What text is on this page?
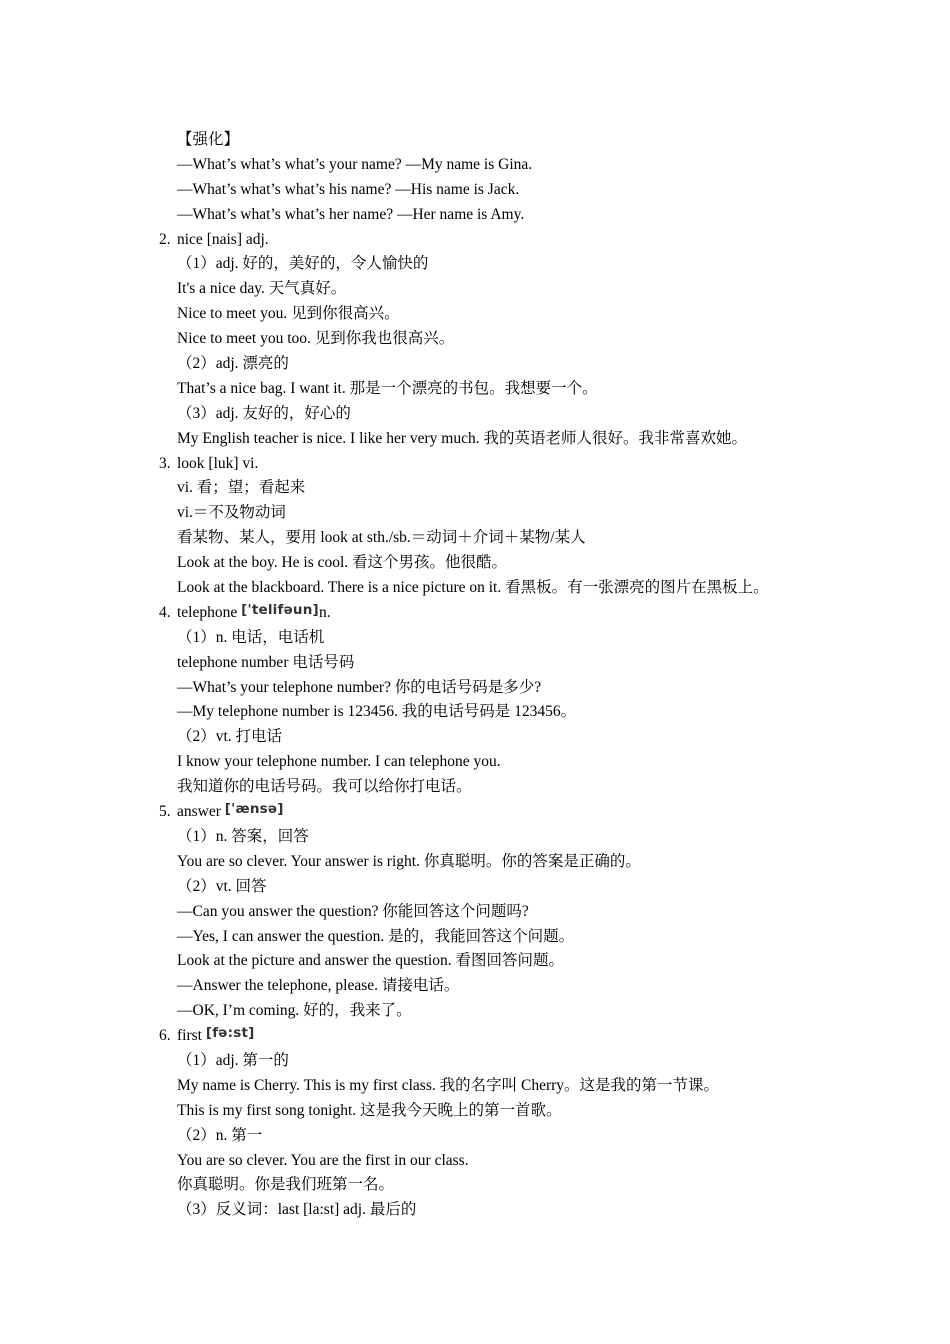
【强化】
—What’s what’s what’s your name? —My name is Gina.
—What’s what’s what’s his name? —His name is Jack.
—What’s what’s what’s her name? —Her name is Amy.
2. nice [nais] adj.
（1）adj. 好的，美好的，令人愉快的
It's a nice day. 天气真好。
Nice to meet you. 见到你很高兴。
Nice to meet you too. 见到你我也很高兴。
（2）adj. 漂亮的
That’s a nice bag. I want it. 那是一个漂亮的书包。我想要一个。
（3）adj. 友好的，好心的
My English teacher is nice. I like her very much. 我的英语老师人很好。我非常喜欢她。
3. look [luk] vi.
vi. 看；望；看起来
vi.＝不及物动词
看某物、某人，要用 look at sth./sb.＝动词＋介词＋某物/某人
Look at the boy. He is cool. 看这个男孩。他很酷。
Look at the blackboard. There is a nice picture on it. 看黑板。有一张漂亮的图片在黑板上。
4. telephone ['telifəun]n.
（1）n. 电话，电话机
telephone number 电话号码
—What’s your telephone number? 你的电话号码是多少?
—My telephone number is 123456. 我的电话号码是 123456。
（2）vt. 打电话
I know your telephone number. I can telephone you.
我知道你的电话号码。我可以给你打电话。
5. answer ['ænsə]
（1）n. 答案，回答
You are so clever. Your answer is right. 你真聪明。你的答案是正确的。
（2）vt. 回答
—Can you answer the question? 你能回答这个问题吗?
—Yes, I can answer the question. 是的，我能回答这个问题。
Look at the picture and answer the question. 看图回答问题。
—Answer the telephone, please. 请接电话。
—OK, I’m coming. 好的，我来了。
6. first [fə:st]
（1）adj. 第一的
My name is Cherry. This is my first class. 我的名字叫 Cherry。这是我的第一节课。
This is my first song tonight. 这是我今天晚上的第一首歌。
（2）n. 第一
You are so clever. You are the first in our class.
你真聪明。你是我们班第一名。
（3）反义词：last [la:st] adj. 最后的
